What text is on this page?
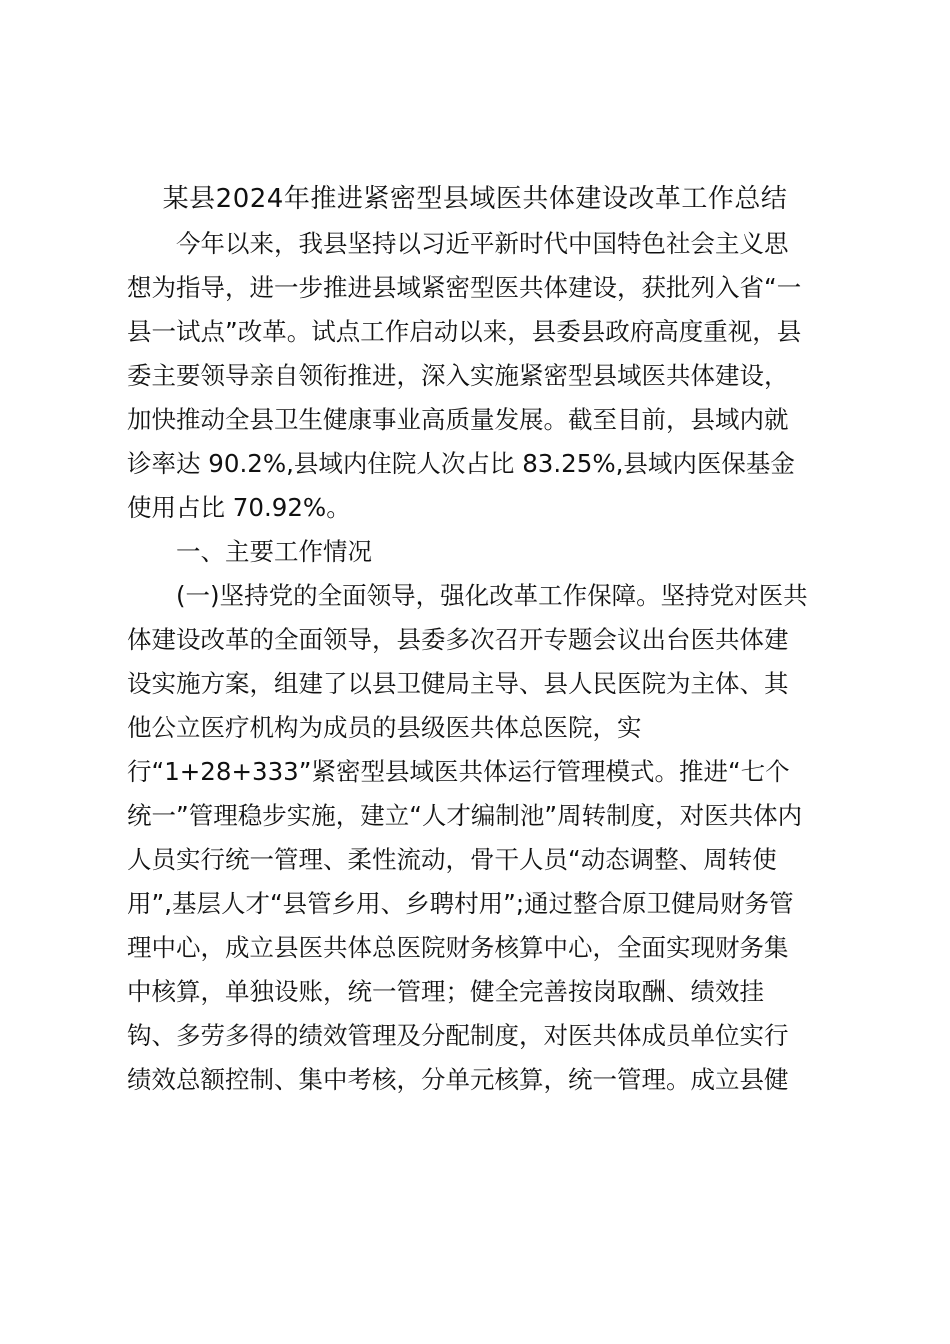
某县2024年推进紧密型县域医共体建设改革工作总结
今年以来，我县坚持以习近平新时代中国特色社会主义思
想为指导，进一步推进县域紧密型医共体建设，获批列入省“一
县一试点”改革。试点工作启动以来，县委县政府高度重视，县
委主要领导亲自领衔推进，深入实施紧密型县域医共体建设，
加快推动全县卫生健康事业高质量发展。截至目前，县域内就
诊率达 90.2%,县域内住院人次占比 83.25%,县域内医保基金
使用占比 70.92%。
一、主要工作情况
(一)坚持党的全面领导，强化改革工作保障。坚持党对医共
体建设改革的全面领导，县委多次召开专题会议出台医共体建
设实施方案，组建了以县卫健局主导、县人民医院为主体、其
他公立医疗机构为成员的县级医共体总医院，实
行“1+28+333”紧密型县域医共体运行管理模式。推进“七个
统一”管理稳步实施，建立“人才编制池”周转制度，对医共体内
人员实行统一管理、柔性流动，骨干人员“动态调整、周转使
用”,基层人才“县管乡用、乡聘村用”;通过整合原卫健局财务管
理中心，成立县医共体总医院财务核算中心，全面实现财务集
中核算，单独设账，统一管理；健全完善按岗取酬、绩效挂
钩、多劳多得的绩效管理及分配制度，对医共体成员单位实行
绩效总额控制、集中考核，分单元核算，统一管理。成立县健
